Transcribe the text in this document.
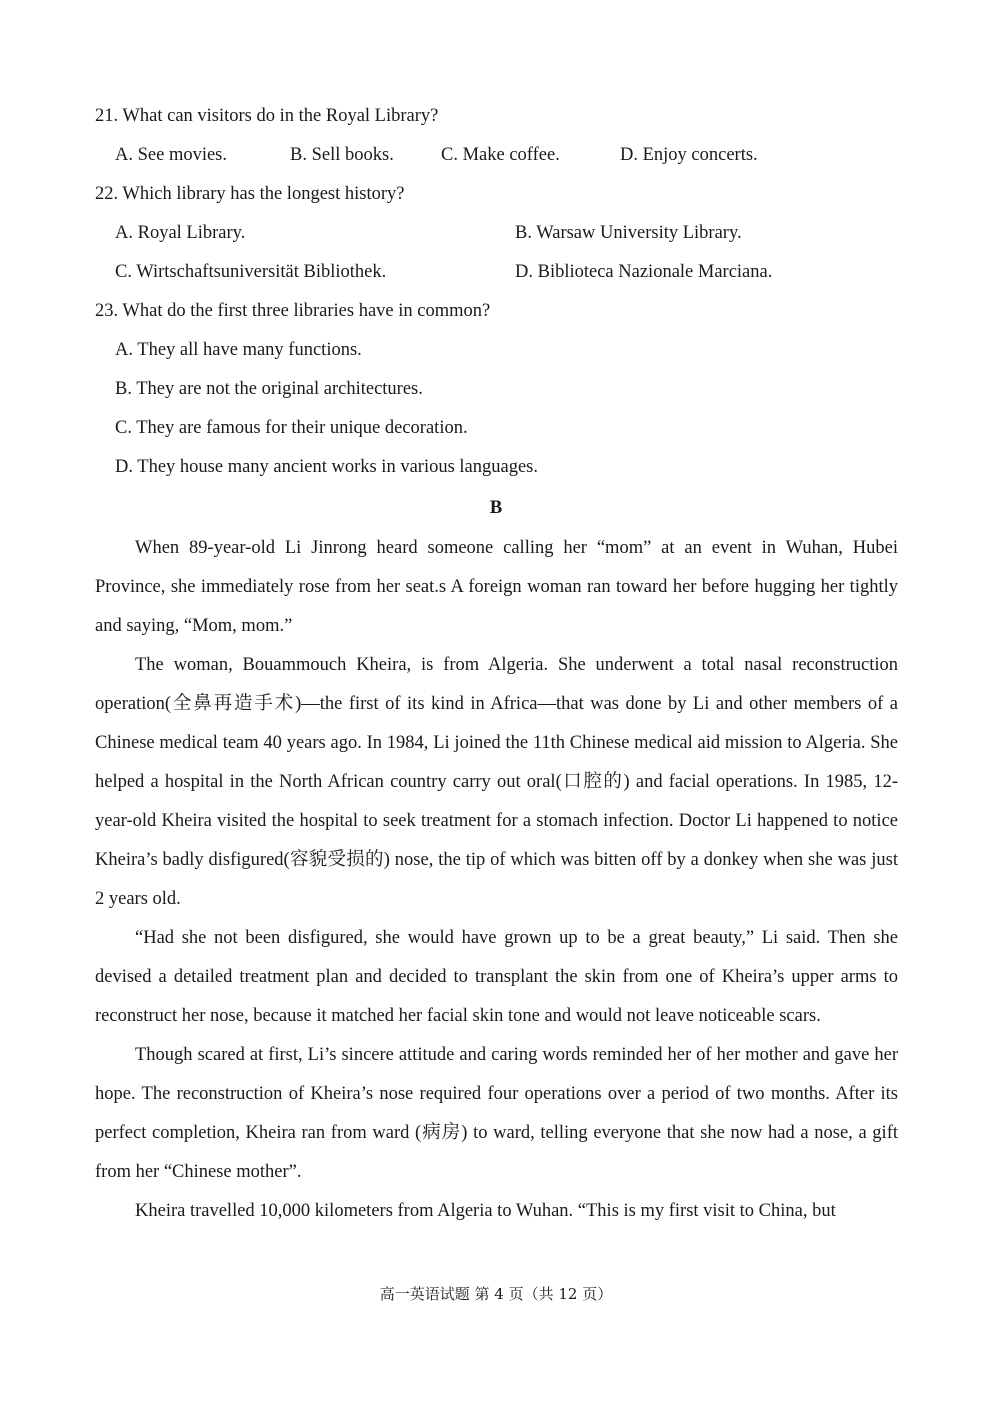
21. What can visitors do in the Royal Library?
A. See movies.	B. Sell books.	C. Make coffee.	D. Enjoy concerts.
22. Which library has the longest history?
A. Royal Library.	B. Warsaw University Library.
C. Wirtschaftsuniversität Bibliothek.	D. Biblioteca Nazionale Marciana.
23. What do the first three libraries have in common?
A. They all have many functions.
B. They are not the original architectures.
C. They are famous for their unique decoration.
D. They house many ancient works in various languages.
B

When 89-year-old Li Jinrong heard someone calling her “mom” at an event in Wuhan, Hubei Province, she immediately rose from her seat.s A foreign woman ran toward her before hugging her tightly and saying, “Mom, mom.”

The woman, Bouammouch Kheira, is from Algeria. She underwent a total nasal reconstruction operation(全鼻再造手术)—the first of its kind in Africa—that was done by Li and other members of a Chinese medical team 40 years ago. In 1984, Li joined the 11th Chinese medical aid mission to Algeria. She helped a hospital in the North African country carry out oral(口腔的) and facial operations. In 1985, 12-year-old Kheira visited the hospital to seek treatment for a stomach infection. Doctor Li happened to notice Kheira’s badly disfigured(容貌受损的) nose, the tip of which was bitten off by a donkey when she was just 2 years old.

“Had she not been disfigured, she would have grown up to be a great beauty,” Li said. Then she devised a detailed treatment plan and decided to transplant the skin from one of Kheira’s upper arms to reconstruct her nose, because it matched her facial skin tone and would not leave noticeable scars.

Though scared at first, Li’s sincere attitude and caring words reminded her of her mother and gave her hope. The reconstruction of Kheira’s nose required four operations over a period of two months. After its perfect completion, Kheira ran from ward (病房) to ward, telling everyone that she now had a nose, a gift from her “Chinese mother”.

Kheira travelled 10,000 kilometers from Algeria to Wuhan. “This is my first visit to China, but

高一英语试题 第 4 页（共 12 页）
